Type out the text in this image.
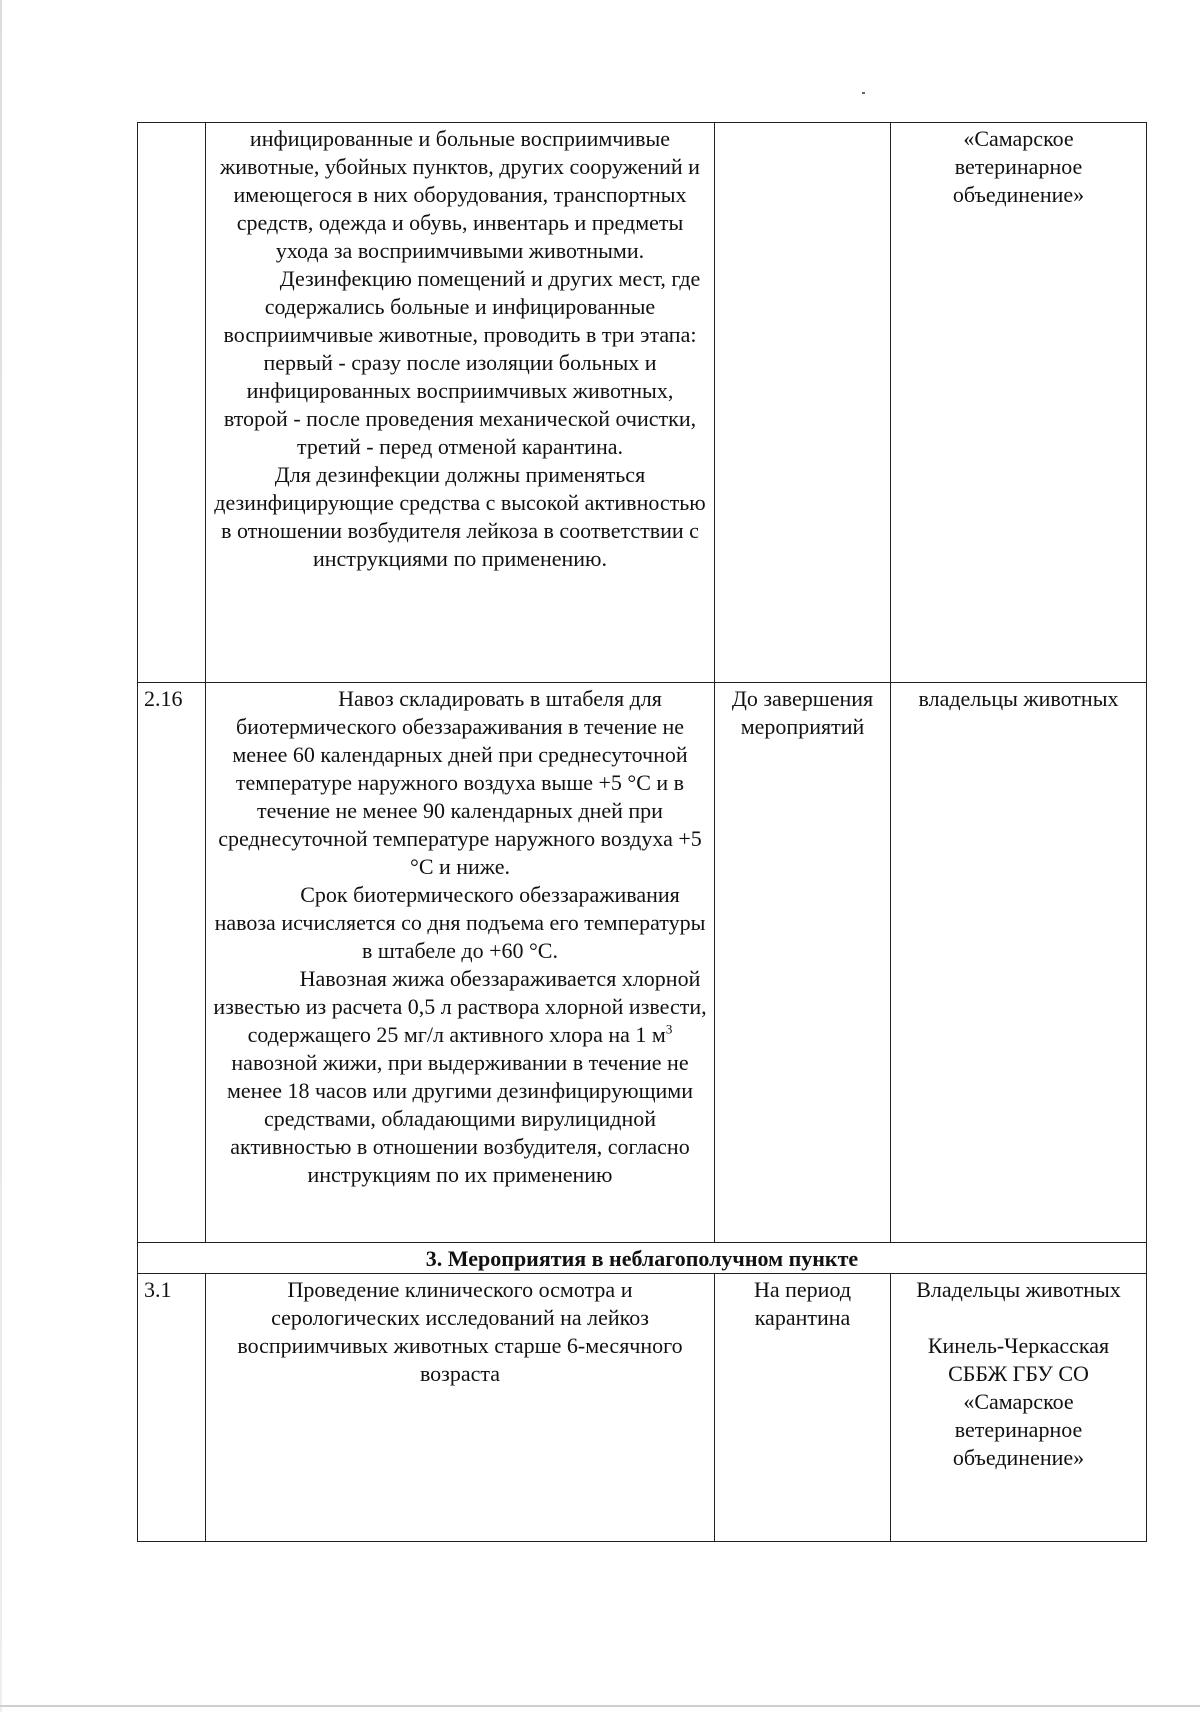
	инфицированные и больные восприимчивые животные, убойных пунктов, других сооружений и имеющегося в них оборудования, транспортных средств, одежда и обувь, инвентарь и предметы ухода за восприимчивыми животными.
Дезинфекцию помещений и других мест, где содержались больные и инфицированные восприимчивые животные, проводить в три этапа: первый - сразу после изоляции больных и инфицированных восприимчивых животных, второй - после проведения механической очистки, третий - перед отменой карантина.
Для дезинфекции должны применяться дезинфицирующие средства с высокой активностью в отношении возбудителя лейкоза в соответствии с инструкциями по применению.		«Самарское ветеринарное объединение»
2.16	Навоз складировать в штабеля для биотермического обеззараживания в течение не менее 60 календарных дней при среднесуточной температуре наружного воздуха выше +5 °С и в течение не менее 90 календарных дней при среднесуточной температуре наружного воздуха +5 °С и ниже.
Срок биотермического обеззараживания навоза исчисляется со дня подъема его температуры в штабеле до +60 °С.
Навозная жижа обеззараживается хлорной известью из расчета 0,5 л раствора хлорной извести, содержащего 25 мг/л активного хлора на 1 $м^3$ навозной жижи, при выдерживании в течение не менее 18 часов или другими дезинфицирующими средствами, обладающими вирулицидной активностью в отношении возбудителя, согласно инструкциям по их применению	До завершения мероприятий	владельцы животных
3. Мероприятия в неблагополучном пункте			
3.1	Проведение клинического осмотра и серологических исследований на лейкоз восприимчивых животных старше 6-месячного возраста	На период карантина	Владельцы животных
Кинель-Черкасская СББЖ ГБУ СО «Самарское ветеринарное объединение»
